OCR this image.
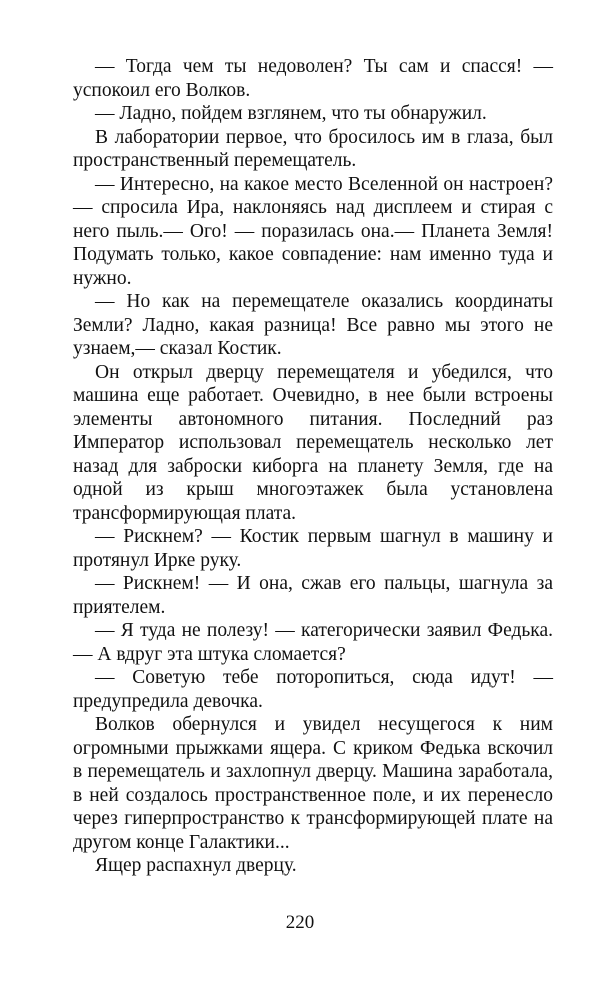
— Тогда чем ты недоволен? Ты сам и спасся! — успокоил его Волков.

— Ладно, пойдем взглянем, что ты обнаружил.

В лаборатории первое, что бросилось им в глаза, был пространственный перемещатель.

— Интересно, на какое место Вселенной он настроен? — спросила Ира, наклоняясь над дисплеем и стирая с него пыль.— Ого! — поразилась она.— Планета Земля! Подумать только, какое совпадение: нам именно туда и нужно.

— Но как на перемещателе оказались координаты Земли? Ладно, какая разница! Все равно мы этого не узнаем,— сказал Костик.

Он открыл дверцу перемещателя и убедился, что машина еще работает. Очевидно, в нее были встроены элементы автономного питания. Последний раз Император использовал перемещатель несколько лет назад для заброски киборга на планету Земля, где на одной из крыш многоэтажек была установлена трансформирующая плата.

— Рискнем? — Костик первым шагнул в машину и протянул Ирке руку.

— Рискнем! — И она, сжав его пальцы, шагнула за приятелем.

— Я туда не полезу! — категорически заявил Федька.— А вдруг эта штука сломается?

— Советую тебе поторопиться, сюда идут! — предупредила девочка.

Волков обернулся и увидел несущегося к ним огромными прыжками ящера. С криком Федька вскочил в перемещатель и захлопнул дверцу. Машина заработала, в ней создалось пространственное поле, и их перенесло через гиперпространство к трансформирующей плате на другом конце Галактики...

Ящер распахнул дверцу.

220
